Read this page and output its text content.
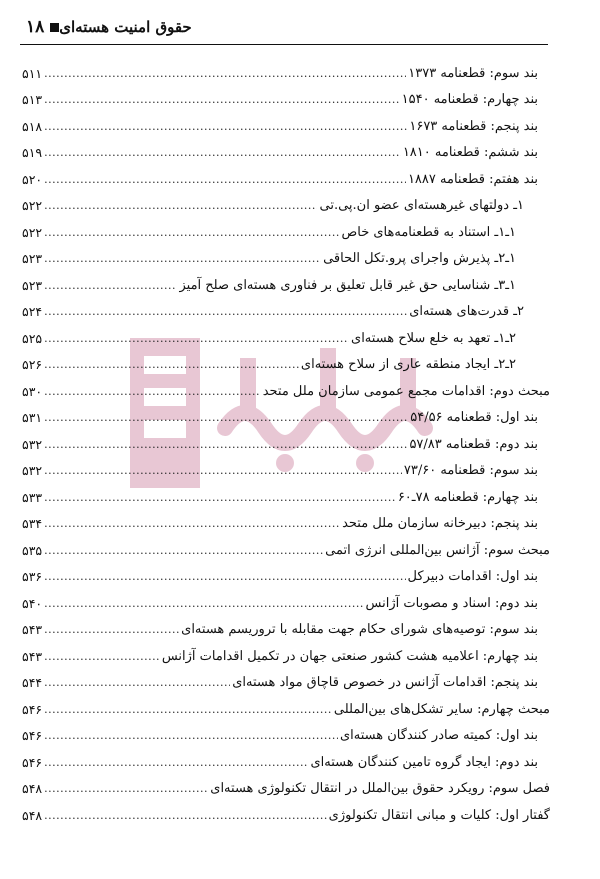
۱۸ حقوق امنیت هسته‌ای
۵۱۱ .....	بند سوم: قطعنامه ۱۳۷۳
۵۱۳ .....	بند چهارم: قطعنامه ۱۵۴۰
۵۱۸ .....	بند پنجم: قطعنامه ۱۶۷۳
۵۱۹ .....	بند ششم: قطعنامه ۱۸۱۰
۵۲۰ .....	بند هفتم: قطعنامه ۱۸۸۷
۵۲۲ .....	۱ـ دولتهای غیرهسته‌ای عضو ان.پی.تی
۵۲۲ .....	۱ـ۱ـ استناد به قطعنامه‌های خاص
۵۲۳ .....	۱ـ۲ـ پذیرش واجرای پرو.تکل الحاقی
۵۲۳ .....	۱ـ۳ـ شناسایی حق غیر قابل تعلیق بر فناوری هسته‌ای صلح آمیز
۵۲۴ .....	۲ـ قدرت‌های هسته‌ای
۵۲۵ .....	۲ـ۱ـ تعهد به خلع سلاح هسته‌ای
۵۲۶ .....	۲ـ۲ـ ایجاد منطقه عاری از سلاح هسته‌ای
۵۳۰ .....	مبحث دوم: اقدامات مجمع عمومی سازمان ملل متحد
۵۳۱ .....	بند اول: قطعنامه ۵۴/۵۶
۵۳۲ .....	بند دوم: قطعنامه ۵۷/۸۳
۵۳۲ .....	بند سوم: قطعنامه ۷۳/۶۰
۵۳۳ .....	بند چهارم: قطعنامه ۷۸ـ۶۰
۵۳۴ .....	بند پنجم: دبیرخانه سازمان ملل متحد
۵۳۵ .....	مبحث سوم: آژانس بین‌المللی انرژی اتمی
۵۳۶ .....	بند اول: اقدامات دبیرکل
۵۴۰ .....	بند دوم: اسناد و مصوبات آژانس
۵۴۳ .....	بند سوم: توصیه‌های شورای حکام جهت مقابله با تروریسم هسته‌ای
۵۴۳ .....	بند چهارم: اعلامیه هشت کشور صنعتی جهان در تکمیل اقدامات آژانس
۵۴۴ .....	بند پنجم: اقدامات آژانس در خصوص قاچاق مواد هسته‌ای
۵۴۶ .....	مبحث چهارم: سایر تشکل‌های بین‌المللی
۵۴۶ .....	بند اول: کمیته صادر کنندگان هسته‌ای
۵۴۶ .....	بند دوم: ایجاد گروه تامین کنندگان هسته‌ای
۵۴۸ .....	فصل سوم: رویکرد حقوق بین‌الملل در انتقال تکنولوژی هسته‌ای
۵۴۸ .....	گفتار اول: کلیات و مبانی انتقال تکنولوژی
